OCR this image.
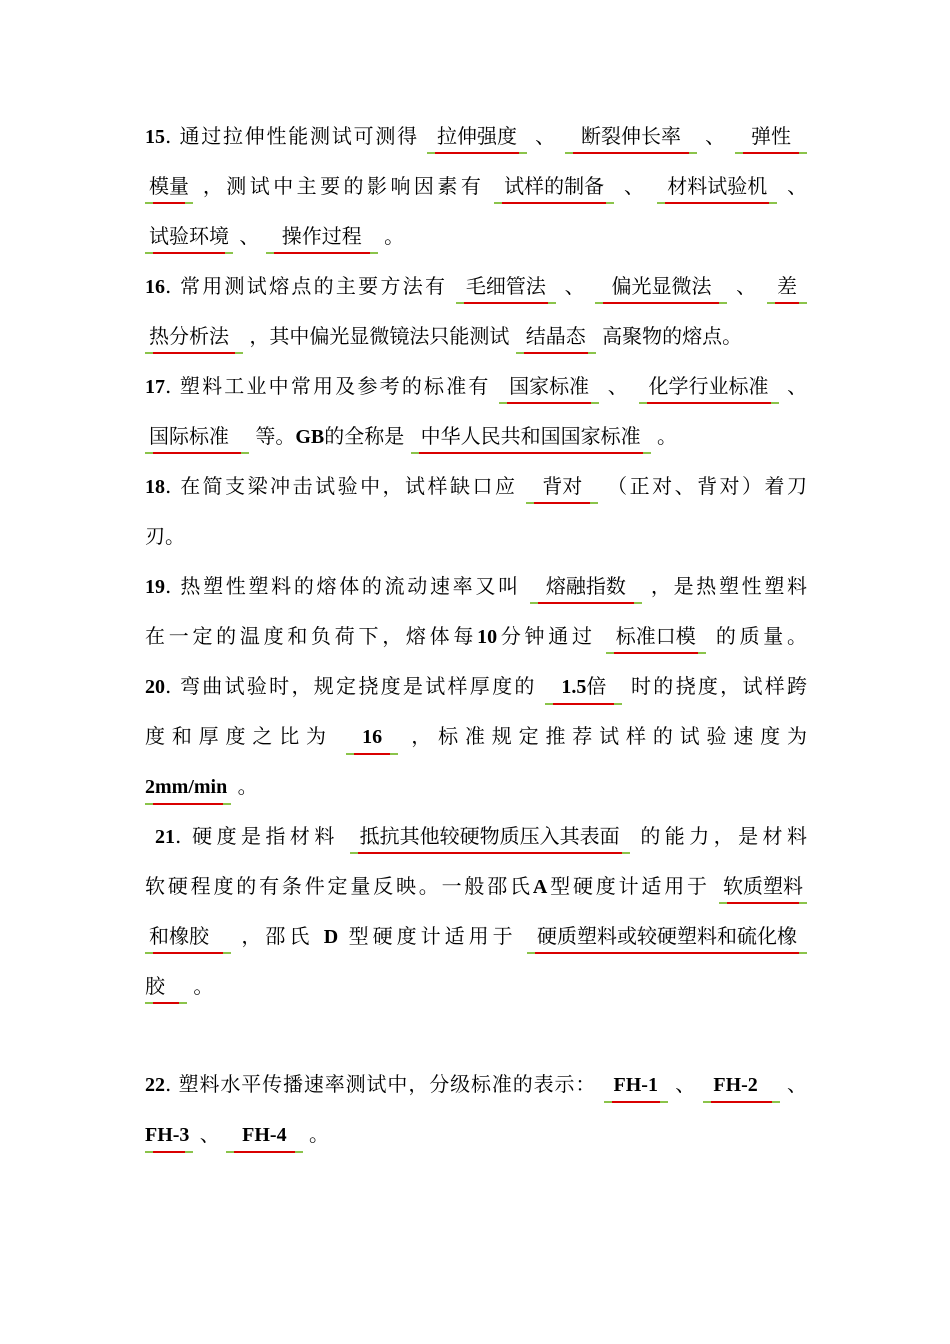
15. 通过拉伸性能测试可测得 拉伸强度 、 断裂伸长率 、 弹性
模量 ，测试中主要的影响因素有 试样的制备 、 材料试验机 、
试验环境 、 操作过程 。
16. 常用测试熔点的主要方法有 毛细管法 、 偏光显微法 、 差
热分析法 ，其中偏光显微镜法只能测试 结晶态 高聚物的熔点。
17. 塑料工业中常用及参考的标准有 国家标准 、 化学行业标准 、
国际标准 等。GB的全称是 中华人民共和国国家标准 。
18. 在简支梁冲击试验中，试样缺口应 背对 （正对、背对）着刀
刃。
19. 热塑性塑料的熔体的流动速率又叫 熔融指数 ，是热塑性塑料
在一定的温度和负荷下，熔体每10分钟通过 标准口模 的质量。
20. 弯曲试验时，规定挠度是试样厚度的 1.5倍 时的挠度，试样跨
度和厚度之比为 16 ，标准规定推荐试样的试验速度为
2mm/min 。
21. 硬度是指材料 抵抗其他较硬物质压入其表面 的能力，是材料
软硬程度的有条件定量反映。一般邵氏A型硬度计适用于 软质塑料
和橡胶 ，邵氏 D 型硬度计适用于 硬质塑料或较硬塑料和硫化橡
胶 。
22. 塑料水平传播速率测试中，分级标准的表示： FH-1 、 FH-2 、
FH-3 、 FH-4 。
